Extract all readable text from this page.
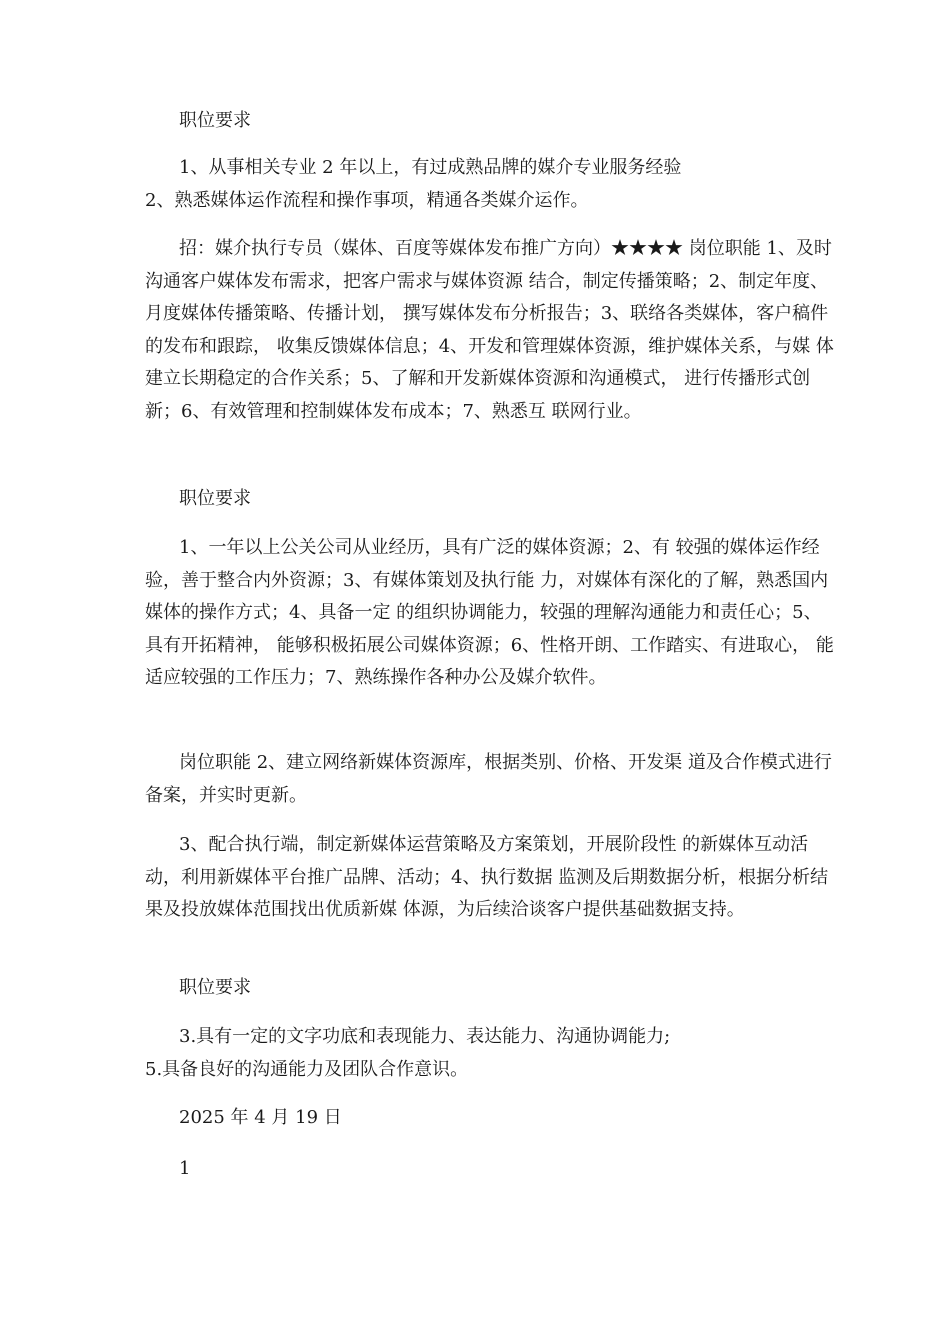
职位要求

1、从事相关专业 2 年以上，有过成熟品牌的媒介专业服务经验
2、熟悉媒体运作流程和操作事项，精通各类媒介运作。

招：媒介执行专员（媒体、百度等媒体发布推广方向）★★★★ 岗位职能 1、及时沟通客户媒体发布需求，把客户需求与媒体资源 结合，制定传播策略；2、制定年度、月度媒体传播策略、传播计划， 撰写媒体发布分析报告；3、联络各类媒体，客户稿件的发布和跟踪， 收集反馈媒体信息；4、开发和管理媒体资源，维护媒体关系，与媒 体建立长期稳定的合作关系；5、了解和开发新媒体资源和沟通模式， 进行传播形式创新；6、有效管理和控制媒体发布成本；7、熟悉互 联网行业。

职位要求

1、一年以上公关公司从业经历，具有广泛的媒体资源；2、有 较强的媒体运作经验，善于整合内外资源；3、有媒体策划及执行能 力，对媒体有深化的了解，熟悉国内媒体的操作方式；4、具备一定 的组织协调能力，较强的理解沟通能力和责任心；5、具有开拓精神， 能够积极拓展公司媒体资源；6、性格开朗、工作踏实、有进取心， 能适应较强的工作压力；7、熟练操作各种办公及媒介软件。

岗位职能 2、建立网络新媒体资源库，根据类别、价格、开发渠 道及合作模式进行备案，并实时更新。

3、配合执行端，制定新媒体运营策略及方案策划，开展阶段性 的新媒体互动活动，利用新媒体平台推广品牌、活动；4、执行数据 监测及后期数据分析，根据分析结果及投放媒体范围找出优质新媒 体源，为后续洽谈客户提供基础数据支持。

职位要求

3.具有一定的文字功底和表现能力、表达能力、沟通协调能力;
5.具备良好的沟通能力及团队合作意识。

2025 年 4 月 19 日

1
